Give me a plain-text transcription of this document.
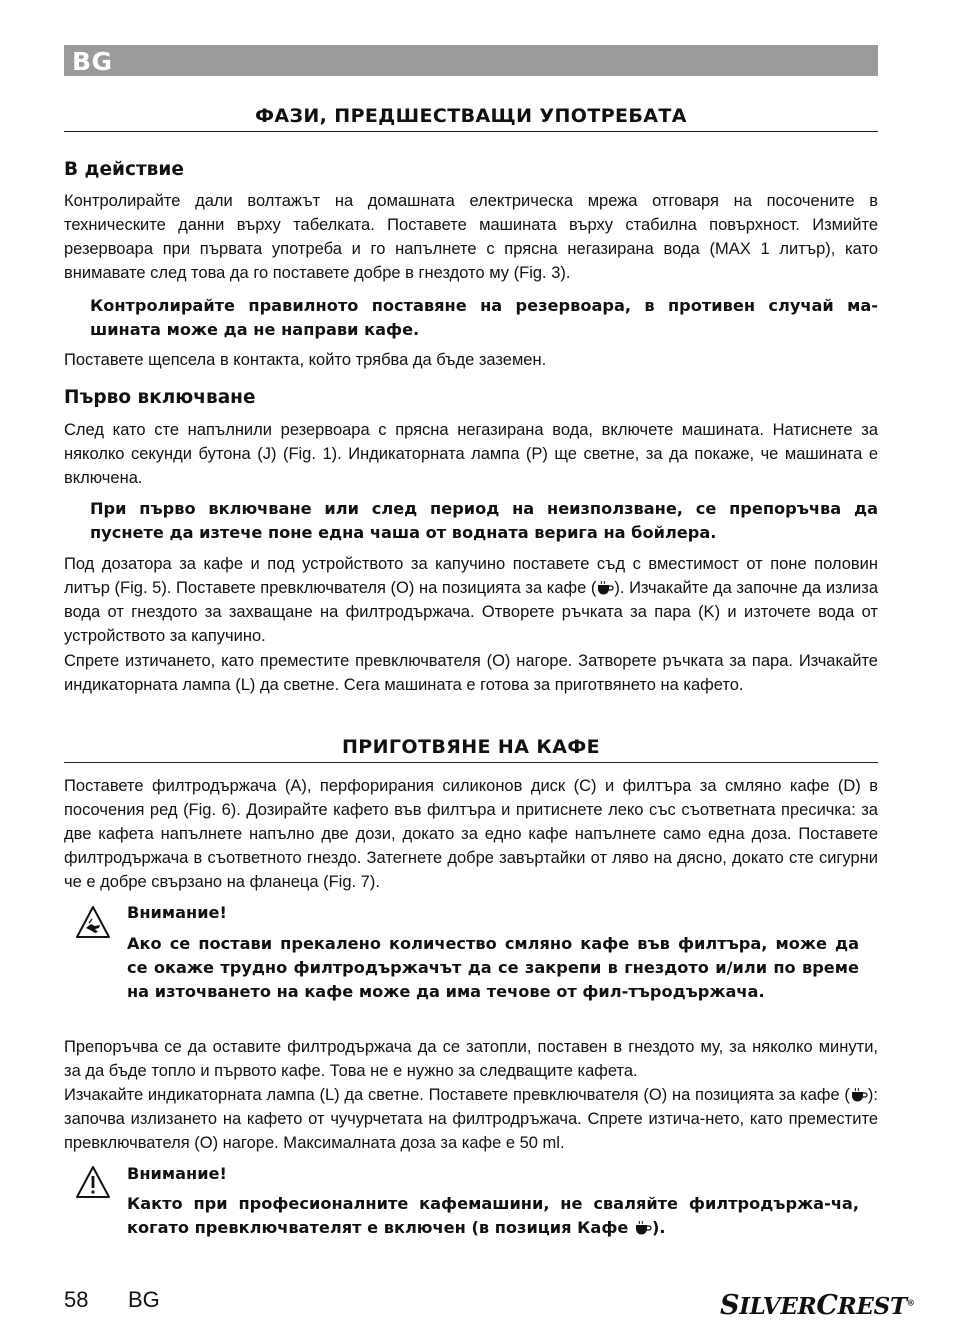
BG
ФАЗИ, ПРЕДШЕСТВАЩИ УПОТРЕБАТА
В действие
Контролирайте дали волтажът на домашната електрическа мрежа отговаря на посочените в техническите данни върху табелката. Поставете машината върху стабилна повърхност. Измийте резервоара при първата употреба и го напълнете с прясна негазирана вода (MAX 1 литър), като внимавате след това да го поставете добре в гнездото му (Fig. 3).
Контролирайте правилното поставяне на резервоара, в противен случай ма-шината може да не направи кафе.
Поставете щепсела в контакта, който трябва да бъде заземен.
Първо включване
След като сте напълнили резервоара с прясна негазирана вода, включете машината. Натиснете за няколко секунди бутона (J) (Fig. 1). Индикаторната лампа (P) ще светне, за да покаже, че машината е включена.
При първо включване или след период на неизползване, се препоръчва да пуснете да изтече поне една чаша от водната верига на бойлера.
Под дозатора за кафе и под устройството за капучино поставете съд с вместимост от поне половин литър (Fig. 5). Поставете превключвателя (O) на позицията за кафе ( ). Изчакайте да започне да излиза вода от гнездото за захващане на филтродържача. Отворете ръчката за пара (K) и източете вода от устройството за капучино.
Спрете изтичането, като преместите превключвателя (O) нагоре. Затворете ръчката за пара. Изчакайте индикаторната лампа (L) да светне. Сега машината е готова за приготвянето на кафето.
ПРИГОТВЯНЕ НА КАФЕ
Поставете филтродържача (A), перфорирания силиконов диск (C) и филтъра за смляно кафе (D) в посочения ред (Fig. 6). Дозирайте кафето във филтъра и притиснете леко със съответната пресичка: за две кафета напълнете напълно две дози, докато за едно кафе напълнете само една доза. Поставете филтродържача в съответното гнездо. Затегнете добре завъртайки от ляво на дясно, докато сте сигурни че е добре свързано на фланеца (Fig. 7).
Внимание!
Ако се постави прекалено количество смляно кафе във филтъра, може да се окаже трудно филтродържачът да се закрепи в гнездото и/или по време на източването на кафе може да има течове от фил-търодържача.
Препоръчва се да оставите филтродържача да се затопли, поставен в гнездото му, за няколко минути, за да бъде топло и първото кафе. Това не е нужно за следващите кафета.
Изчакайте индикаторната лампа (L) да светне. Поставете превключвателя (O) на позицията за кафе ( ): започва излизането на кафето от чучурчетата на филтродръжача. Спрете изтича-нето, като преместите превключвателя (O) нагоре. Максималната доза за кафе е 50 ml.
Внимание!
Както при професионалните кафемашини, не сваляйте филтродържа-ча, когато превключвателят е включен (в позиция Кафе ).
58 BG	SILVERCREST®
